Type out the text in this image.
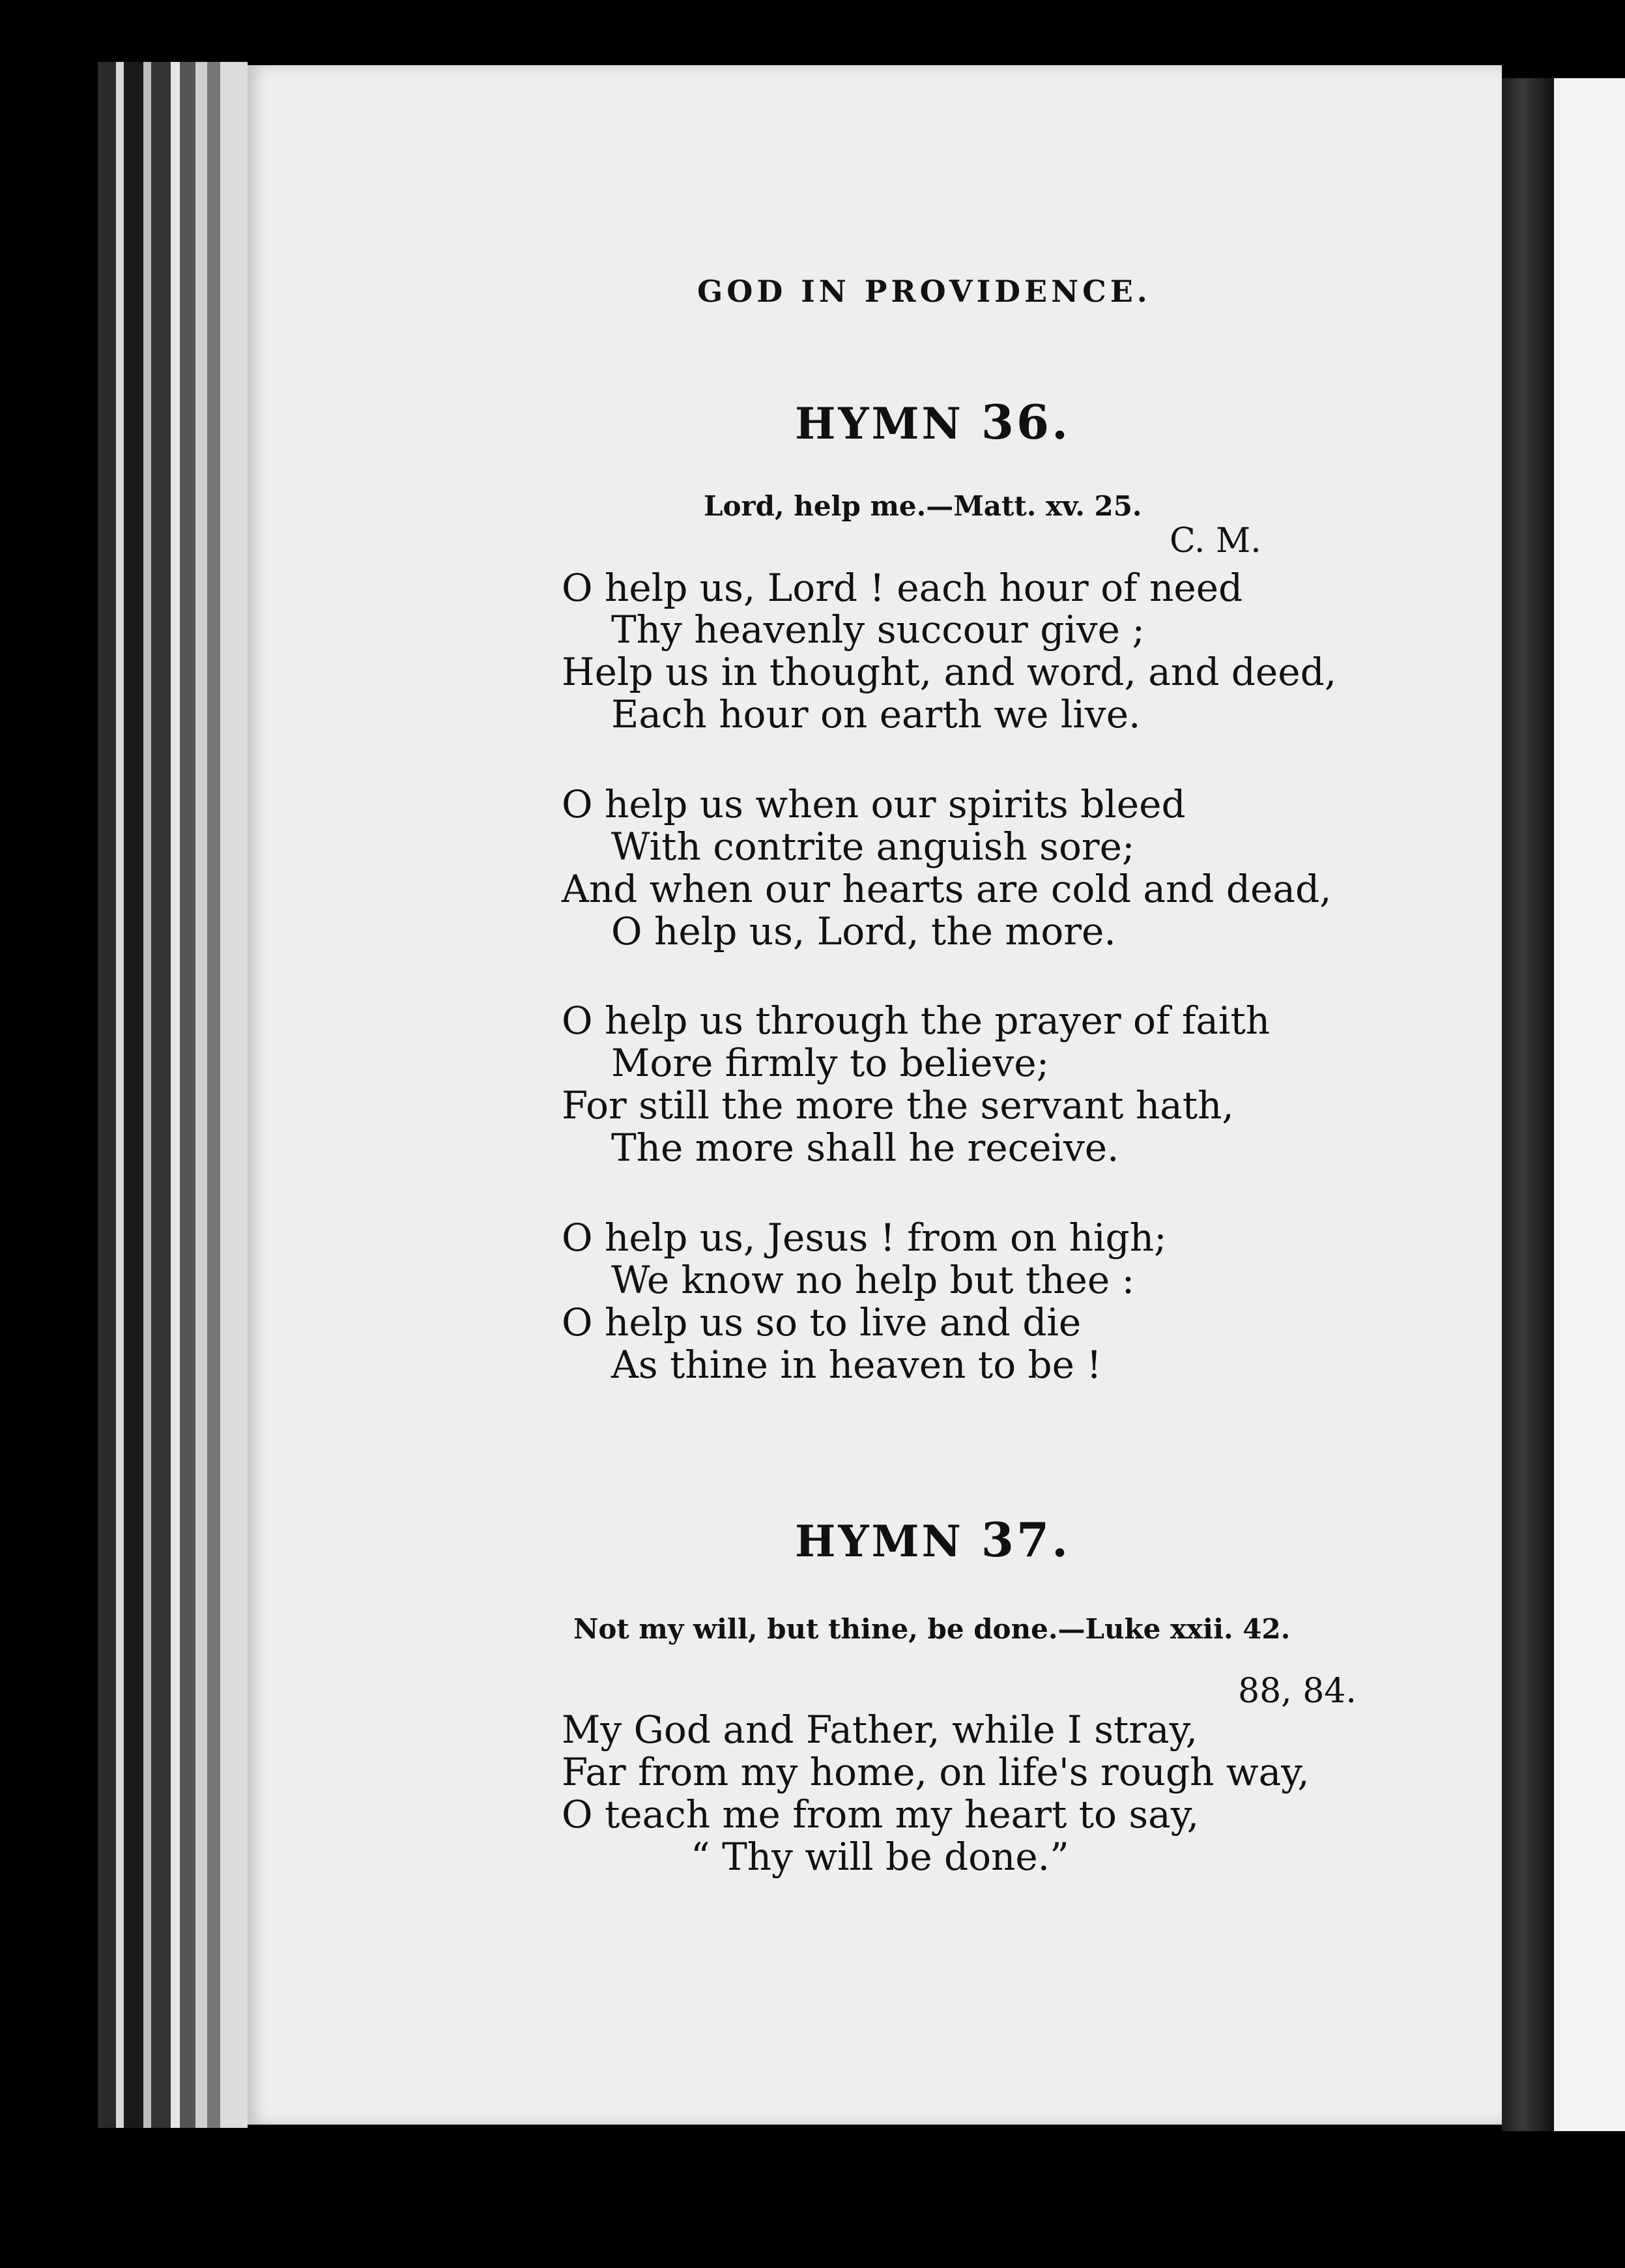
GOD IN PROVIDENCE.
HYMN 36.
Lord, help me.—Matt. xv. 25.
C. M.
O help us, Lord ! each hour of need
Thy heavenly succour give ;
Help us in thought, and word, and deed,
Each hour on earth we live.
O help us when our spirits bleed
With contrite anguish sore;
And when our hearts are cold and dead,
O help us, Lord, the more.
O help us through the prayer of faith
More firmly to believe;
For still the more the servant hath,
The more shall he receive.
O help us, Jesus ! from on high;
We know no help but thee :
O help us so to live and die
As thine in heaven to be !
HYMN 37.
Not my will, but thine, be done.—Luke xxii. 42.
88, 84.
My God and Father, while I stray,
Far from my home, on life's rough way,
O teach me from my heart to say,
“ Thy will be done.”
